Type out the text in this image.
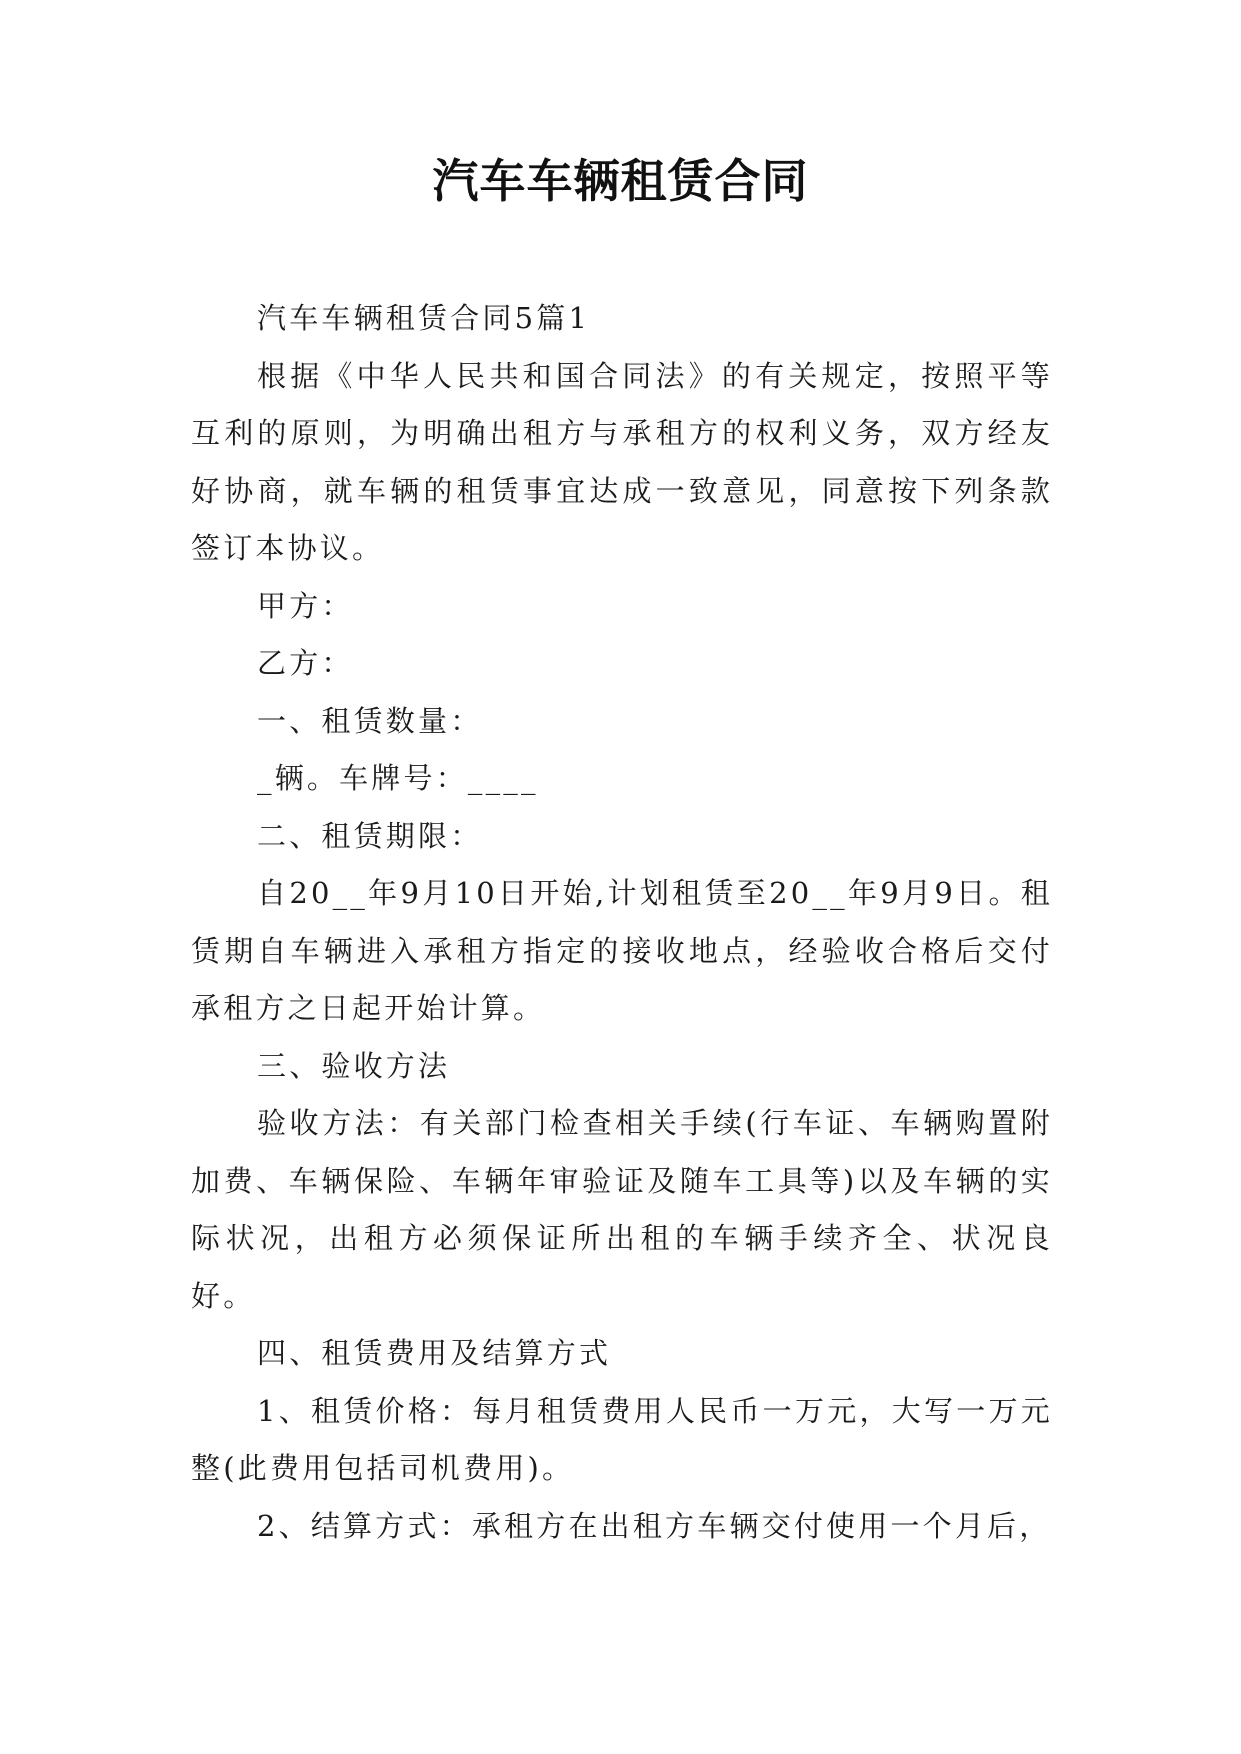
汽车车辆租赁合同

汽车车辆租赁合同5篇1

根据《中华人民共和国合同法》的有关规定，按照平等互利的原则，为明确出租方与承租方的权利义务，双方经友好协商，就车辆的租赁事宜达成一致意见，同意按下列条款签订本协议。

甲方：

乙方：

一、租赁数量：

_辆。车牌号：____

二、租赁期限：

自20__年9月10日开始,计划租赁至20__年9月9日。租赁期自车辆进入承租方指定的接收地点，经验收合格后交付承租方之日起开始计算。

三、验收方法

验收方法：有关部门检查相关手续(行车证、车辆购置附加费、车辆保险、车辆年审验证及随车工具等)以及车辆的实际状况，出租方必须保证所出租的车辆手续齐全、状况良好。

四、租赁费用及结算方式

1、租赁价格：每月租赁费用人民币一万元，大写一万元整(此费用包括司机费用)。

2、结算方式：承租方在出租方车辆交付使用一个月后，
